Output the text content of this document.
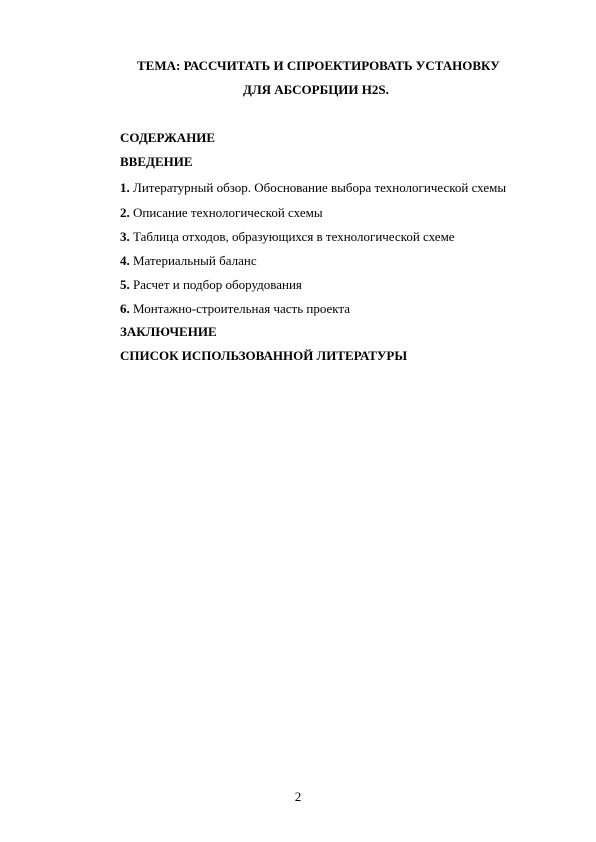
ТЕМА: РАССЧИТАТЬ И СПРОЕКТИРОВАТЬ УСТАНОВКУ
ДЛЯ АБСОРБЦИИ H2S.
СОДЕРЖАНИЕ
ВВЕДЕНИЕ
1. Литературный обзор. Обоснование выбора технологической схемы
2. Описание технологической схемы
3. Таблица отходов, образующихся в технологической схеме
4. Материальный баланс
5. Расчет и подбор оборудования
6. Монтажно-строительная часть проекта
ЗАКЛЮЧЕНИЕ
СПИСОК ИСПОЛЬЗОВАННОЙ ЛИТЕРАТУРЫ
2
